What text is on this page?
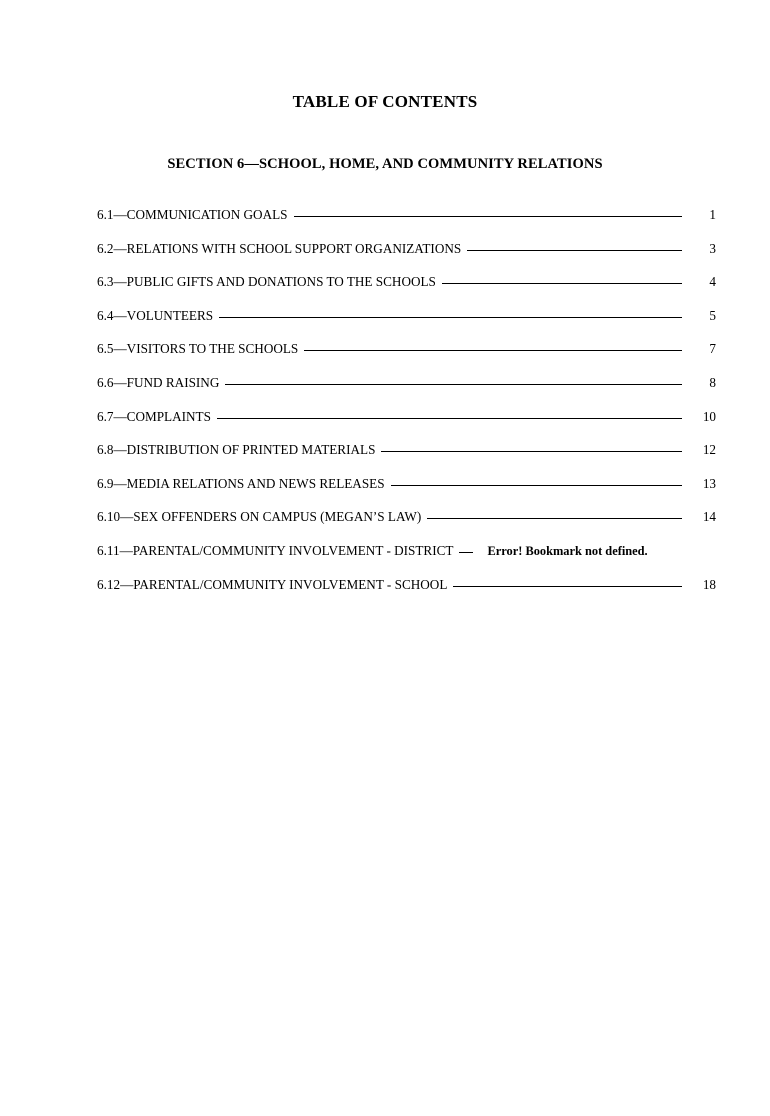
TABLE OF CONTENTS
SECTION 6—SCHOOL, HOME, AND COMMUNITY RELATIONS
6.1—COMMUNICATION GOALS	1
6.2—RELATIONS WITH SCHOOL SUPPORT ORGANIZATIONS	3
6.3—PUBLIC GIFTS AND DONATIONS TO THE SCHOOLS	4
6.4—VOLUNTEERS	5
6.5—VISITORS TO THE SCHOOLS	7
6.6—FUND RAISING	8
6.7—COMPLAINTS	10
6.8—DISTRIBUTION OF PRINTED MATERIALS	12
6.9—MEDIA RELATIONS AND NEWS RELEASES	13
6.10—SEX OFFENDERS ON CAMPUS (MEGAN’S LAW)	14
6.11—PARENTAL/COMMUNITY INVOLVEMENT - DISTRICT	Error! Bookmark not defined.
6.12—PARENTAL/COMMUNITY INVOLVEMENT - SCHOOL	18
